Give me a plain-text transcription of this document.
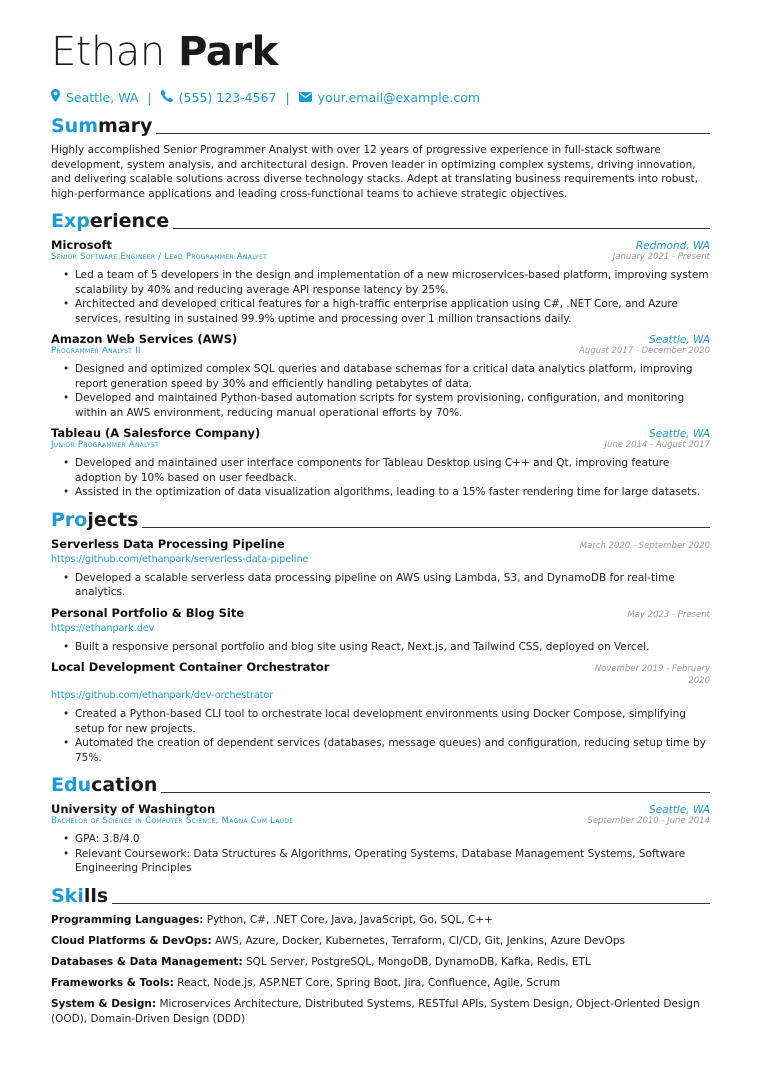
Ethan Park
Seattle, WA | (555) 123-4567 | your.email@example.com
Summary

Highly accomplished Senior Programmer Analyst with over 12 years of progressive experience in full-stack software development, system analysis, and architectural design. Proven leader in optimizing complex systems, driving innovation, and delivering scalable solutions across diverse technology stacks. Adept at translating business requirements into robust, high-performance applications and leading cross-functional teams to achieve strategic objectives.

Experience
Microsoft	Redmond, WA
Senior Software Engineer / Lead Programmer Analyst	January 2021 - Present
• Led a team of 5 developers in the design and implementation of a new microservices-based platform, improving system scalability by 40% and reducing average API response latency by 25%.
• Architected and developed critical features for a high-traffic enterprise application using C#, .NET Core, and Azure services, resulting in sustained 99.9% uptime and processing over 1 million transactions daily.
Amazon Web Services (AWS)	Seattle, WA
Programmer Analyst II	August 2017 - December 2020
• Designed and optimized complex SQL queries and database schemas for a critical data analytics platform, improving report generation speed by 30% and efficiently handling petabytes of data.
• Developed and maintained Python-based automation scripts for system provisioning, configuration, and monitoring within an AWS environment, reducing manual operational efforts by 70%.
Tableau (A Salesforce Company)	Seattle, WA
Junior Programmer Analyst	June 2014 - August 2017
• Developed and maintained user interface components for Tableau Desktop using C++ and Qt, improving feature adoption by 10% based on user feedback.
• Assisted in the optimization of data visualization algorithms, leading to a 15% faster rendering time for large datasets.
Projects
Serverless Data Processing Pipeline	March 2020 - September 2020
https://github.com/ethanpark/serverless-data-pipeline
• Developed a scalable serverless data processing pipeline on AWS using Lambda, S3, and DynamoDB for real-time analytics.
Personal Portfolio & Blog Site	May 2023 - Present
https://ethanpark.dev
• Built a responsive personal portfolio and blog site using React, Next.js, and Tailwind CSS, deployed on Vercel.
Local Development Container Orchestrator	November 2019 - February 2020
https://github.com/ethanpark/dev-orchestrator
• Created a Python-based CLI tool to orchestrate local development environments using Docker Compose, simplifying setup for new projects.
• Automated the creation of dependent services (databases, message queues) and configuration, reducing setup time by 75%.
Education
University of Washington	Seattle, WA
Bachelor of Science in Computer Science, Magna Cum Laude	September 2010 - June 2014
• GPA: 3.8/4.0
• Relevant Coursework: Data Structures & Algorithms, Operating Systems, Database Management Systems, Software Engineering Principles
Skills
Programming Languages: Python, C#, .NET Core, Java, JavaScript, Go, SQL, C++
Cloud Platforms & DevOps: AWS, Azure, Docker, Kubernetes, Terraform, CI/CD, Git, Jenkins, Azure DevOps
Databases & Data Management: SQL Server, PostgreSQL, MongoDB, DynamoDB, Kafka, Redis, ETL
Frameworks & Tools: React, Node.js, ASP.NET Core, Spring Boot, Jira, Confluence, Agile, Scrum
System & Design: Microservices Architecture, Distributed Systems, RESTful APIs, System Design, Object-Oriented Design (OOD), Domain-Driven Design (DDD)
